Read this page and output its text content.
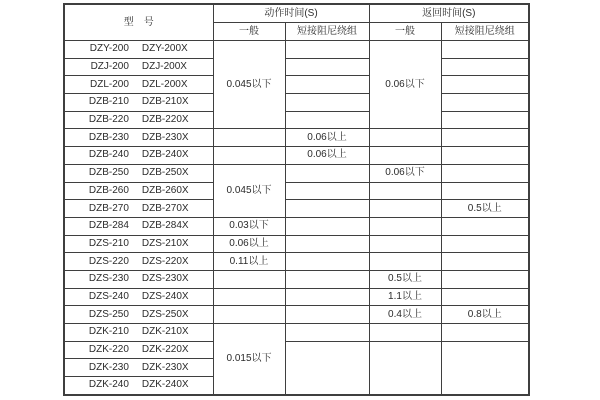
型　号	动作时间(S)		返回时间(S)	
	一般	短接阻尼绕组	一般	短接阻尼绕组
DZY-200 DZY-200X	0.045以下		0.06以下	
DZJ-200 DZJ-200X				
DZL-200 DZL-200X				
DZB-210 DZB-210X				
DZB-220 DZB-220X				
DZB-230 DZB-230X		0.06以上		
DZB-240 DZB-240X		0.06以上		
DZB-250 DZB-250X	0.045以下		0.06以下	
DZB-260 DZB-260X				
DZB-270 DZB-270X				0.5以上
DZB-284 DZB-284X	0.03以下			
DZS-210 DZS-210X	0.06以上			
DZS-220 DZS-220X	0.11以上			
DZS-230 DZS-230X			0.5以上	
DZS-240 DZS-240X			1.1以上	
DZS-250 DZS-250X			0.4以上	0.8以上
DZK-210 DZK-210X	0.015以下			
DZK-220 DZK-220X				
DZK-230 DZK-230X				
DZK-240 DZK-240X				
